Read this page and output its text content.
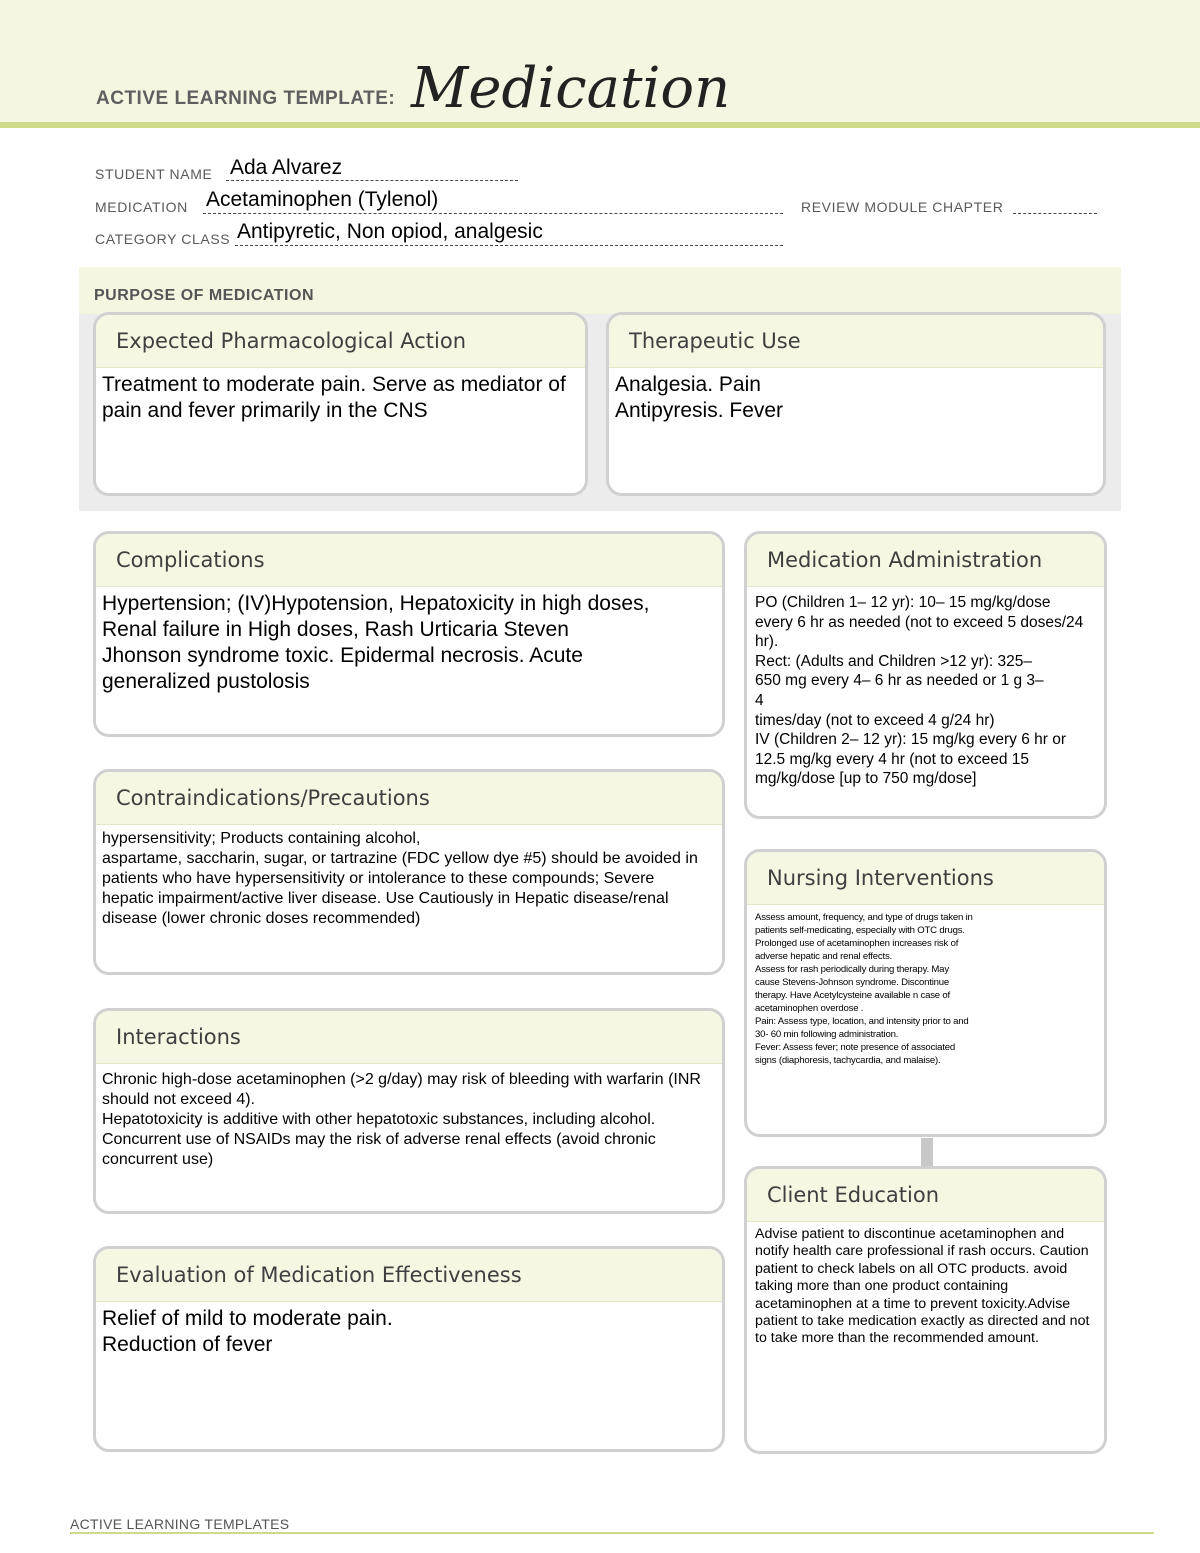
ACTIVE LEARNING TEMPLATE: Medication
STUDENT NAME Ada Alvarez
MEDICATION Acetaminophen (Tylenol)	REVIEW MODULE CHAPTER
CATEGORY CLASS Antipyretic, Non opiod, analgesic
PURPOSE OF MEDICATION
Expected Pharmacological Action
Treatment to moderate pain. Serve as mediator of pain and fever primarily in the CNS
Therapeutic Use
Analgesia. Pain
Antipyresis. Fever
Complications
Hypertension; (IV)Hypotension, Hepatoxicity in high doses, Renal failure in High doses, Rash Urticaria Steven Jhonson syndrome toxic. Epidermal necrosis. Acute generalized pustolosis
Contraindications/Precautions
hypersensitivity; Products containing alcohol,
aspartame, saccharin, sugar, or tartrazine (FDC yellow dye #5) should be avoided in patients who have hypersensitivity or intolerance to these compounds; Severe hepatic impairment/active liver disease. Use Cautiously in Hepatic disease/renal disease (lower chronic doses recommended)
Interactions
Chronic high-dose acetaminophen (>2 g/day) may risk of bleeding with warfarin (INR should not exceed 4).
Hepatotoxicity is additive with other hepatotoxic substances, including alcohol.
Concurrent use of NSAIDs may the risk of adverse renal effects (avoid chronic concurrent use)
Evaluation of Medication Effectiveness
Relief of mild to moderate pain.
Reduction of fever
Medication Administration
PO (Children 1– 12 yr): 10– 15 mg/kg/dose every 6 hr as needed (not to exceed 5 doses/24 hr).
Rect: (Adults and Children >12 yr): 325–
650 mg every 4– 6 hr as needed or 1 g 3–
4
times/day (not to exceed 4 g/24 hr)
IV (Children 2– 12 yr): 15 mg/kg every 6 hr or 12.5 mg/kg every 4 hr (not to exceed 15 mg/kg/dose [up to 750 mg/dose]
Nursing Interventions
Assess amount, frequency, and type of drugs taken in
patients self-medicating, especially with OTC drugs.
Prolonged use of acetaminophen increases risk of
adverse hepatic and renal effects.
Assess for rash periodically during therapy. May
cause Stevens-Johnson syndrome. Discontinue
therapy. Have Acetylcysteine available n case of
acetaminophen overdose .
Pain: Assess type, location, and intensity prior to and
30- 60 min following administration.
Fever: Assess fever; note presence of associated
signs (diaphoresis, tachycardia, and malaise).
Client Education
Advise patient to discontinue acetaminophen and notify health care professional if rash occurs. Caution patient to check labels on all OTC products. avoid taking more than one product containing acetaminophen at a time to prevent toxicity.Advise patient to take medication exactly as directed and not to take more than the recommended amount.
ACTIVE LEARNING TEMPLATES
